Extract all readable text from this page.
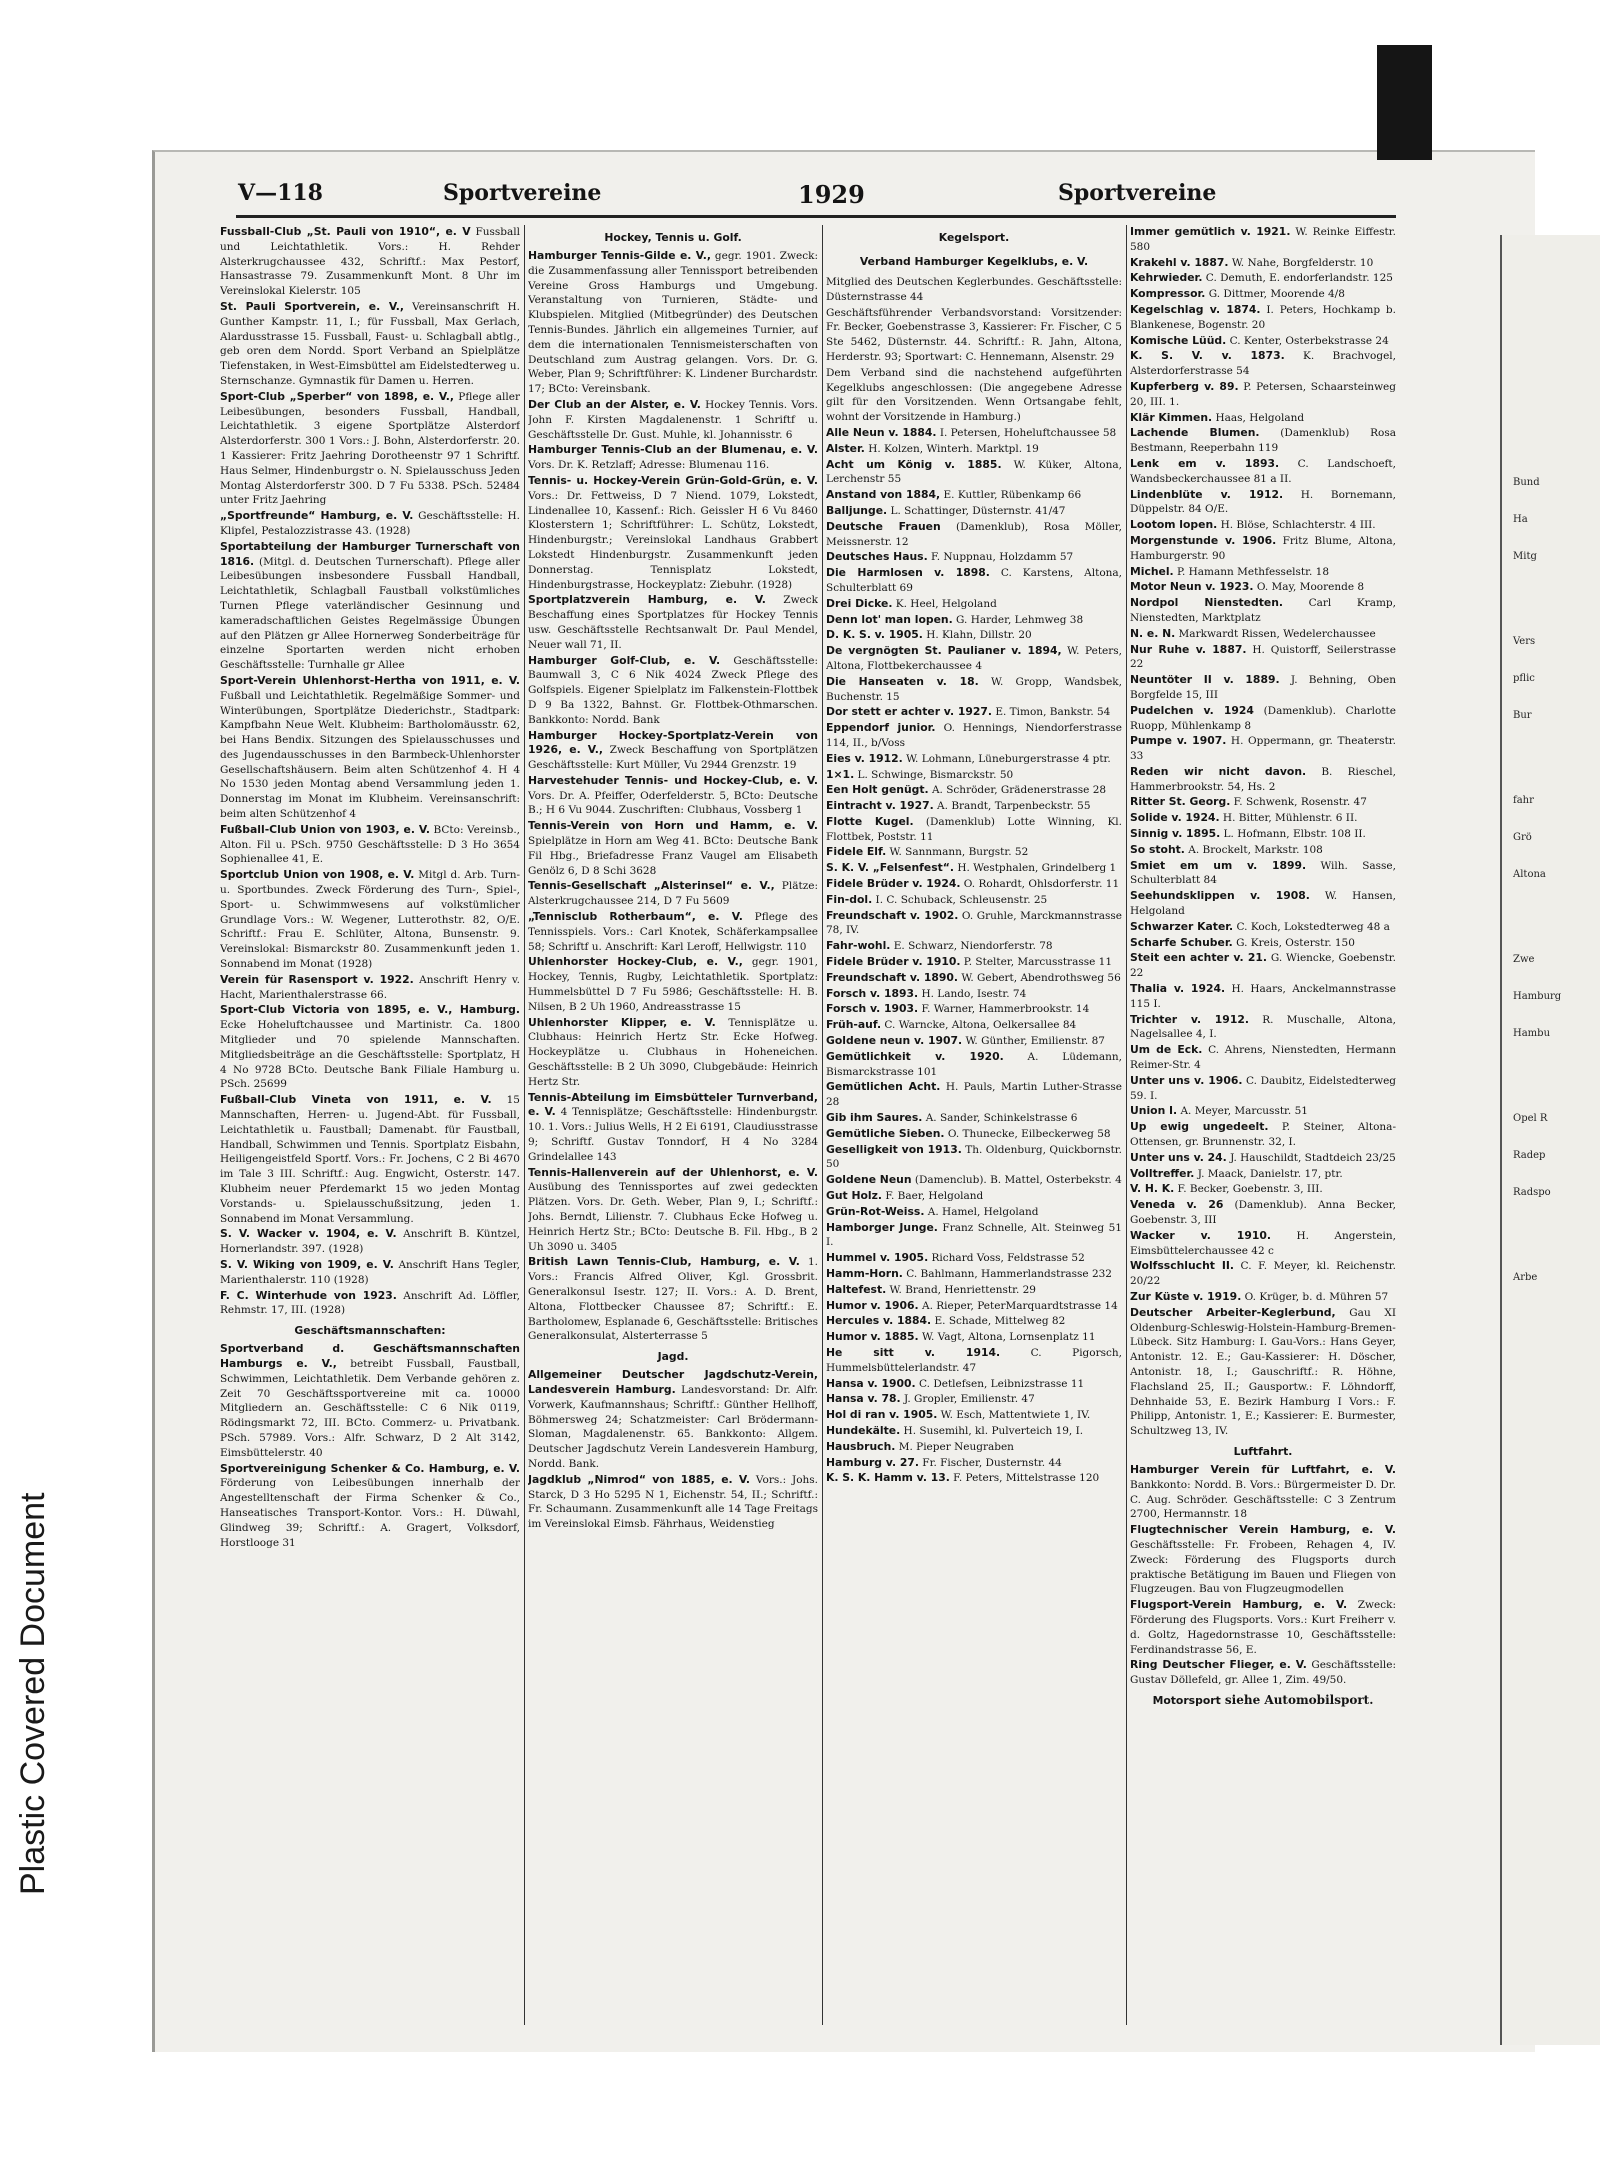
Bund
Ha
Mitg
Vers
pflic
Bur
fahr
Grö
Altona
Zwe
Hamburg
Hambu
Opel R
Radep
Radspo
Arbe
Plastic Covered Document
V—118	Sportvereine	1929	Sportvereine
Fussball-Club „St. Pauli von 1910“, e. V Fussball und Leichtathletik. Vors.: H. Rehder Alsterkrugchaussee 432, Schriftf.: Max Pestorf, Hansastrasse 79. Zusammenkunft Mont. 8 Uhr im Vereinslokal Kielerstr. 105
St. Pauli Sportverein, e. V., Vereinsanschrift H. Gunther Kampstr. 11, I.; für Fussball, Max Gerlach, Alardusstrasse 15. Fussball, Faust- u. Schlagball abtlg., geb oren dem Nordd. Sport Verband an Spielplätze Tiefenstaken, in West-Eimsbüttel am Eidelstedterweg u. Sternschanze. Gymnastik für Damen u. Herren.
Sport-Club „Sperber“ von 1898, e. V., Pflege aller Leibesübungen, besonders Fussball, Handball, Leichtathletik. 3 eigene Sportplätze Alsterdorf Alsterdorferstr. 300 1 Vors.: J. Bohn, Alsterdorferstr. 20. 1 Kassierer: Fritz Jaehring Dorotheenstr 97 1 Schriftf. Haus Selmer, Hindenburgstr o. N. Spielausschuss Jeden Montag Alsterdorferstr 300. D 7 Fu 5338. PSch. 52484 unter Fritz Jaehring
„Sportfreunde“ Hamburg, e. V. Geschäftsstelle: H. Klipfel, Pestalozzistrasse 43. (1928)
Sportabteilung der Hamburger Turnerschaft von 1816. (Mitgl. d. Deutschen Turnerschaft). Pflege aller Leibesübungen insbesondere Fussball Handball, Leichtathletik, Schlagball Faustball volkstümliches Turnen Pflege vaterländischer Gesinnung und kameradschaftlichen Geistes Regelmässige Übungen auf den Plätzen gr Allee Hornerweg Sonderbeiträge für einzelne Sportarten werden nicht erhoben Geschäftsstelle: Turnhalle gr Allee
Sport-Verein Uhlenhorst-Hertha von 1911, e. V. Fußball und Leichtathletik. Regelmäßige Sommer- und Winterübungen, Sportplätze Diederichstr., Stadtpark: Kampfbahn Neue Welt. Klubheim: Bartholomäusstr. 62, bei Hans Bendix. Sitzungen des Spielausschusses und des Jugendausschusses in den Barmbeck-Uhlenhorster Gesellschaftshäusern. Beim alten Schützenhof 4. H 4 No 1530 jeden Montag abend Versammlung jeden 1. Donnerstag im Monat im Klubheim. Vereinsanschrift: beim alten Schützenhof 4
Fußball-Club Union von 1903, e. V. BCto: Vereinsb., Alton. Fil u. PSch. 9750 Geschäftsstelle: D 3 Ho 3654 Sophienallee 41, E.
Sportclub Union von 1908, e. V. Mitgl d. Arb. Turn- u. Sportbundes. Zweck Förderung des Turn-, Spiel-, Sport- u. Schwimmwesens auf volkstümlicher Grundlage Vors.: W. Wegener, Lutterothstr. 82, O/E. Schriftf.: Frau E. Schlüter, Altona, Bunsenstr. 9. Vereinslokal: Bismarckstr 80. Zusammenkunft jeden 1. Sonnabend im Monat (1928)
Verein für Rasensport v. 1922. Anschrift Henry v. Hacht, Marienthalerstrasse 66.
Sport-Club Victoria von 1895, e. V., Hamburg. Ecke Hoheluftchaussee und Martinistr. Ca. 1800 Mitglieder und 70 spielende Mannschaften. Mitgliedsbeiträge an die Geschäftsstelle: Sportplatz, H 4 No 9728 BCto. Deutsche Bank Filiale Hamburg u. PSch. 25699
Fußball-Club Vineta von 1911, e. V. 15 Mannschaften, Herren- u. Jugend-Abt. für Fussball, Leichtathletik u. Faustball; Damenabt. für Faustball, Handball, Schwimmen und Tennis. Sportplatz Eisbahn, Heiligengeistfeld Sportf. Vors.: Fr. Jochens, C 2 Bi 4670 im Tale 3 III. Schriftf.: Aug. Engwicht, Osterstr. 147. Klubheim neuer Pferdemarkt 15 wo jeden Montag Vorstands- u. Spielausschußsitzung, jeden 1. Sonnabend im Monat Versammlung.
S. V. Wacker v. 1904, e. V. Anschrift B. Küntzel, Hornerlandstr. 397. (1928)
S. V. Wiking von 1909, e. V. Anschrift Hans Tegler, Marienthalerstr. 110 (1928)
F. C. Winterhude von 1923. Anschrift Ad. Löffler, Rehmstr. 17, III. (1928)
Geschäftsmannschaften:
Sportverband d. Geschäftsmannschaften Hamburgs e. V., betreibt Fussball, Faustball, Schwimmen, Leichtathletik. Dem Verbande gehören z. Zeit 70 Geschäftssportvereine mit ca. 10000 Mitgliedern an. Geschäftsstelle: C 6 Nik 0119, Rödingsmarkt 72, III. BCto. Commerz- u. Privatbank. PSch. 57989. Vors.: Alfr. Schwarz, D 2 Alt 3142, Eimsbüttelerstr. 40
Sportvereinigung Schenker & Co. Hamburg, e. V. Förderung von Leibesübungen innerhalb der Angestelltenschaft der Firma Schenker & Co., Hanseatisches Transport-Kontor. Vors.: H. Düwahl, Glindweg 39; Schriftf.: A. Gragert, Volksdorf, Horstlooge 31
Hockey, Tennis u. Golf.
Hamburger Tennis-Gilde e. V., gegr. 1901. Zweck: die Zusammenfassung aller Tennissport betreibenden Vereine Gross Hamburgs und Umgebung. Veranstaltung von Turnieren, Städte- und Klubspielen. Mitglied (Mitbegründer) des Deutschen Tennis-Bundes. Jährlich ein allgemeines Turnier, auf dem die internationalen Tennismeisterschaften von Deutschland zum Austrag gelangen. Vors. Dr. G. Weber, Plan 9; Schriftführer: K. Lindener Burchardstr. 17; BCto: Vereinsbank.
Der Club an der Alster, e. V. Hockey Tennis. Vors. John F. Kirsten Magdalenenstr. 1 Schriftf u. Geschäftsstelle Dr. Gust. Muhle, kl. Johannisstr. 6
Hamburger Tennis-Club an der Blumenau, e. V. Vors. Dr. K. Retzlaff; Adresse: Blumenau 116.
Tennis- u. Hockey-Verein Grün-Gold-Grün, e. V. Vors.: Dr. Fettweiss, D 7 Niend. 1079, Lokstedt, Lindenallee 10, Kassenf.: Rich. Geissler H 6 Vu 8460 Klosterstern 1; Schriftführer: L. Schütz, Lokstedt, Hindenburgstr.; Vereinslokal Landhaus Grabbert Lokstedt Hindenburgstr. Zusammenkunft jeden Donnerstag. Tennisplatz Lokstedt, Hindenburgstrasse, Hockeyplatz: Ziebuhr. (1928)
Sportplatzverein Hamburg, e. V. Zweck Beschaffung eines Sportplatzes für Hockey Tennis usw. Geschäftsstelle Rechtsanwalt Dr. Paul Mendel, Neuer wall 71, II.
Hamburger Golf-Club, e. V. Geschäftsstelle: Baumwall 3, C 6 Nik 4024 Zweck Pflege des Golfspiels. Eigener Spielplatz im Falkenstein-Flottbek D 9 Ba 1322, Bahnst. Gr. Flottbek-Othmarschen. Bankkonto: Nordd. Bank
Hamburger Hockey-Sportplatz-Verein von 1926, e. V., Zweck Beschaffung von Sportplätzen Geschäftsstelle: Kurt Müller, Vu 2944 Grenzstr. 19
Harvestehuder Tennis- und Hockey-Club, e. V. Vors. Dr. A. Pfeiffer, Oderfelderstr. 5, BCto: Deutsche B.; H 6 Vu 9044. Zuschriften: Clubhaus, Vossberg 1
Tennis-Verein von Horn und Hamm, e. V. Spielplätze in Horn am Weg 41. BCto: Deutsche Bank Fil Hbg., Briefadresse Franz Vaugel am Elisabeth Genölz 6, D 8 Schi 3628
Tennis-Gesellschaft „Alsterinsel“ e. V., Plätze: Alsterkrugchaussee 214, D 7 Fu 5609
„Tennisclub Rotherbaum“, e. V. Pflege des Tennisspiels. Vors.: Carl Knotek, Schäferkampsallee 58; Schriftf u. Anschrift: Karl Leroff, Hellwigstr. 110
Uhlenhorster Hockey-Club, e. V., gegr. 1901, Hockey, Tennis, Rugby, Leichtathletik. Sportplatz: Hummelsbüttel D 7 Fu 5986; Geschäftsstelle: H. B. Nilsen, B 2 Uh 1960, Andreasstrasse 15
Uhlenhorster Klipper, e. V. Tennisplätze u. Clubhaus: Heinrich Hertz Str. Ecke Hofweg. Hockeyplätze u. Clubhaus in Hoheneichen. Geschäftsstelle: B 2 Uh 3090, Clubgebäude: Heinrich Hertz Str.
Tennis-Abteilung im Eimsbütteler Turnverband, e. V. 4 Tennisplätze; Geschäftsstelle: Hindenburgstr. 10. 1. Vors.: Julius Wells, H 2 Ei 6191, Claudiusstrasse 9; Schriftf. Gustav Tonndorf, H 4 No 3284 Grindelallee 143
Tennis-Hallenverein auf der Uhlenhorst, e. V. Ausübung des Tennissportes auf zwei gedeckten Plätzen. Vors. Dr. Geth. Weber, Plan 9, I.; Schriftf.: Johs. Berndt, Lilienstr. 7. Clubhaus Ecke Hofweg u. Heinrich Hertz Str.; BCto: Deutsche B. Fil. Hbg., B 2 Uh 3090 u. 3405
British Lawn Tennis-Club, Hamburg, e. V. 1. Vors.: Francis Alfred Oliver, Kgl. Grossbrit. Generalkonsul Isestr. 127; II. Vors.: A. D. Brent, Altona, Flottbecker Chaussee 87; Schriftf.: E. Bartholomew, Esplanade 6, Geschäftsstelle: Britisches Generalkonsulat, Alsterterrasse 5
Jagd.
Allgemeiner Deutscher Jagdschutz-Verein, Landesverein Hamburg. Landesvorstand: Dr. Alfr. Vorwerk, Kaufmannshaus; Schriftf.: Günther Hellhoff, Böhmersweg 24; Schatzmeister: Carl Brödermann-Sloman, Magdalenenstr. 65. Bankkonto: Allgem. Deutscher Jagdschutz Verein Landesverein Hamburg, Nordd. Bank.
Jagdklub „Nimrod“ von 1885, e. V. Vors.: Johs. Starck, D 3 Ho 5295 N 1, Eichenstr. 54, II.; Schriftf.: Fr. Schaumann. Zusammenkunft alle 14 Tage Freitags im Vereinslokal Eimsb. Fährhaus, Weidenstieg
Kegelsport.
Verband Hamburger Kegelklubs, e. V.
Mitglied des Deutschen Keglerbundes. Geschäftsstelle: Düsternstrasse 44
Geschäftsführender Verbandsvorstand: Vorsitzender: Fr. Becker, Goebenstrasse 3, Kassierer: Fr. Fischer, C 5 Ste 5462, Düsternstr. 44. Schriftf.: R. Jahn, Altona, Herderstr. 93; Sportwart: C. Hennemann, Alsenstr. 29
Dem Verband sind die nachstehend aufgeführten Kegelklubs angeschlossen: (Die angegebene Adresse gilt für den Vorsitzenden. Wenn Ortsangabe fehlt, wohnt der Vorsitzende in Hamburg.)
Alle Neun v. 1884. I. Petersen, Hoheluftchaussee 58
Alster. H. Kolzen, Winterh. Marktpl. 19
Acht um König v. 1885. W. Küker, Altona, Lerchenstr 55
Anstand von 1884, E. Kuttler, Rübenkamp 66
Balljunge. L. Schattinger, Düsternstr. 41/47
Deutsche Frauen (Damenklub), Rosa Möller, Meissnerstr. 12
Deutsches Haus. F. Nuppnau, Holzdamm 57
Die Harmlosen v. 1898. C. Karstens, Altona, Schulterblatt 69
Drei Dicke. K. Heel, Helgoland
Denn lot' man lopen. G. Harder, Lehmweg 38
D. K. S. v. 1905. H. Klahn, Dillstr. 20
De vergnögten St. Paulianer v. 1894, W. Peters, Altona, Flottbekerchaussee 4
Die Hanseaten v. 18. W. Gropp, Wandsbek, Buchenstr. 15
Dor stett er achter v. 1927. E. Timon, Bankstr. 54
Eppendorf junior. O. Hennings, Niendorferstrasse 114, II., b/Voss
Eies v. 1912. W. Lohmann, Lüneburgerstrasse 4 ptr.
1×1. L. Schwinge, Bismarckstr. 50
Een Holt genügt. A. Schröder, Grädenerstrasse 28
Eintracht v. 1927. A. Brandt, Tarpenbeckstr. 55
Flotte Kugel. (Damenklub) Lotte Winning, Kl. Flottbek, Poststr. 11
Fidele Elf. W. Sannmann, Burgstr. 52
S. K. V. „Felsenfest“. H. Westphalen, Grindelberg 1
Fidele Brüder v. 1924. O. Rohardt, Ohlsdorferstr. 11
Fin-dol. I. C. Schuback, Schleusenstr. 25
Freundschaft v. 1902. O. Gruhle, Marckmannstrasse 78, IV.
Fahr-wohl. E. Schwarz, Niendorferstr. 78
Fidele Brüder v. 1910. P. Stelter, Marcusstrasse 11
Freundschaft v. 1890. W. Gebert, Abendrothsweg 56
Forsch v. 1893. H. Lando, Isestr. 74
Forsch v. 1903. F. Warner, Hammerbrookstr. 14
Früh-auf. C. Warncke, Altona, Oelkersallee 84
Goldene neun v. 1907. W. Günther, Emilienstr. 87
Gemütlichkeit v. 1920. A. Lüdemann, Bismarckstrasse 101
Gemütlichen Acht. H. Pauls, Martin Luther-Strasse 28
Gib ihm Saures. A. Sander, Schinkelstrasse 6
Gemütliche Sieben. O. Thunecke, Eilbeckerweg 58
Geselligkeit von 1913. Th. Oldenburg, Quickbornstr. 50
Goldene Neun (Damenclub). B. Mattel, Osterbekstr. 4
Gut Holz. F. Baer, Helgoland
Grün-Rot-Weiss. A. Hamel, Helgoland
Hamborger Junge. Franz Schnelle, Alt. Steinweg 51 I.
Hummel v. 1905. Richard Voss, Feldstrasse 52
Hamm-Horn. C. Bahlmann, Hammerlandstrasse 232
Haltefest. W. Brand, Henriettenstr. 29
Humor v. 1906. A. Rieper, PeterMarquardtstrasse 14
Hercules v. 1884. E. Schade, Mittelweg 82
Humor v. 1885. W. Vagt, Altona, Lornsenplatz 11
He sitt v. 1914. C. Pigorsch, Hummelsbüttelerlandstr. 47
Hansa v. 1900. C. Detlefsen, Leibnizstrasse 11
Hansa v. 78. J. Gropler, Emilienstr. 47
Hol di ran v. 1905. W. Esch, Mattentwiete 1, IV.
Hundekälte. H. Susemihl, kl. Pulverteich 19, I.
Hausbruch. M. Pieper Neugraben
Hamburg v. 27. Fr. Fischer, Dusternstr. 44
K. S. K. Hamm v. 13. F. Peters, Mittelstrasse 120
Immer gemütlich v. 1921. W. Reinke Eiffestr. 580
Krakehl v. 1887. W. Nahe, Borgfelderstr. 10
Kehrwieder. C. Demuth, E. endorferlandstr. 125
Kompressor. G. Dittmer, Moorende 4/8
Kegelschlag v. 1874. I. Peters, Hochkamp b. Blankenese, Bogenstr. 20
Komische Lüüd. C. Kenter, Osterbekstrasse 24
K. S. V. v. 1873. K. Brachvogel, Alsterdorferstrasse 54
Kupferberg v. 89. P. Petersen, Schaarsteinweg 20, III. 1.
Klär Kimmen. Haas, Helgoland
Lachende Blumen. (Damenklub) Rosa Bestmann, Reeperbahn 119
Lenk em v. 1893. C. Landschoeft, Wandsbeckerchaussee 81 a II.
Lindenblüte v. 1912. H. Bornemann, Düppelstr. 84 O/E.
Lootom lopen. H. Blöse, Schlachterstr. 4 III.
Morgenstunde v. 1906. Fritz Blume, Altona, Hamburgerstr. 90
Michel. P. Hamann Methfesselstr. 18
Motor Neun v. 1923. O. May, Moorende 8
Nordpol Nienstedten. Carl Kramp, Nienstedten, Marktplatz
N. e. N. Markwardt Rissen, Wedelerchaussee
Nur Ruhe v. 1887. H. Quistorff, Seilerstrasse 22
Neuntöter II v. 1889. J. Behning, Oben Borgfelde 15, III
Pudelchen v. 1924 (Damenklub). Charlotte Ruopp, Mühlenkamp 8
Pumpe v. 1907. H. Oppermann, gr. Theaterstr. 33
Reden wir nicht davon. B. Rieschel, Hammerbrookstr. 54, Hs. 2
Ritter St. Georg. F. Schwenk, Rosenstr. 47
Solide v. 1924. H. Bitter, Mühlenstr. 6 II.
Sinnig v. 1895. L. Hofmann, Elbstr. 108 II.
So stoht. A. Brockelt, Markstr. 108
Smiet em um v. 1899. Wilh. Sasse, Schulterblatt 84
Seehundsklippen v. 1908. W. Hansen, Helgoland
Schwarzer Kater. C. Koch, Lokstedterweg 48 a
Scharfe Schuber. G. Kreis, Osterstr. 150
Steit een achter v. 21. G. Wiencke, Goebenstr. 22
Thalia v. 1924. H. Haars, Anckelmannstrasse 115 I.
Trichter v. 1912. R. Muschalle, Altona, Nagelsallee 4, I.
Um de Eck. C. Ahrens, Nienstedten, Hermann Reimer-Str. 4
Unter uns v. 1906. C. Daubitz, Eidelstedterweg 59. I.
Union I. A. Meyer, Marcusstr. 51
Up ewig ungedeelt. P. Steiner, Altona-Ottensen, gr. Brunnenstr. 32, I.
Unter uns v. 24. J. Hauschildt, Stadtdeich 23/25
Volltreffer. J. Maack, Danielstr. 17, ptr.
V. H. K. F. Becker, Goebenstr. 3, III.
Veneda v. 26 (Damenklub). Anna Becker, Goebenstr. 3, III
Wacker v. 1910. H. Angerstein, Eimsbüttelerchaussee 42 c
Wolfsschlucht II. C. F. Meyer, kl. Reichenstr. 20/22
Zur Küste v. 1919. O. Krüger, b. d. Mühren 57
Deutscher Arbeiter-Keglerbund, Gau XI Oldenburg-Schleswig-Holstein-Hamburg-Bremen-Lübeck. Sitz Hamburg: I. Gau-Vors.: Hans Geyer, Antonistr. 12. E.; Gau-Kassierer: H. Döscher, Antonistr. 18, I.; Gauschriftf.: R. Höhne, Flachsland 25, II.; Gausportw.: F. Löhndorff, Dehnhaide 53, E. Bezirk Hamburg I Vors.: F. Philipp, Antonistr. 1, E.; Kassierer: E. Burmester, Schultzweg 13, IV.
Luftfahrt.
Hamburger Verein für Luftfahrt, e. V. Bankkonto: Nordd. B. Vors.: Bürgermeister D. Dr. C. Aug. Schröder. Geschäftsstelle: C 3 Zentrum 2700, Hermannstr. 18
Flugtechnischer Verein Hamburg, e. V. Geschäftsstelle: Fr. Frobeen, Rehagen 4, IV. Zweck: Förderung des Flugsports durch praktische Betätigung im Bauen und Fliegen von Flugzeugen. Bau von Flugzeugmodellen
Flugsport-Verein Hamburg, e. V. Zweck: Förderung des Flugsports. Vors.: Kurt Freiherr v. d. Goltz, Hagedornstrasse 10, Geschäftsstelle: Ferdinandstrasse 56, E.
Ring Deutscher Flieger, e. V. Geschäftsstelle: Gustav Döllefeld, gr. Allee 1, Zim. 49/50.
Motorsport siehe Automobilsport.
